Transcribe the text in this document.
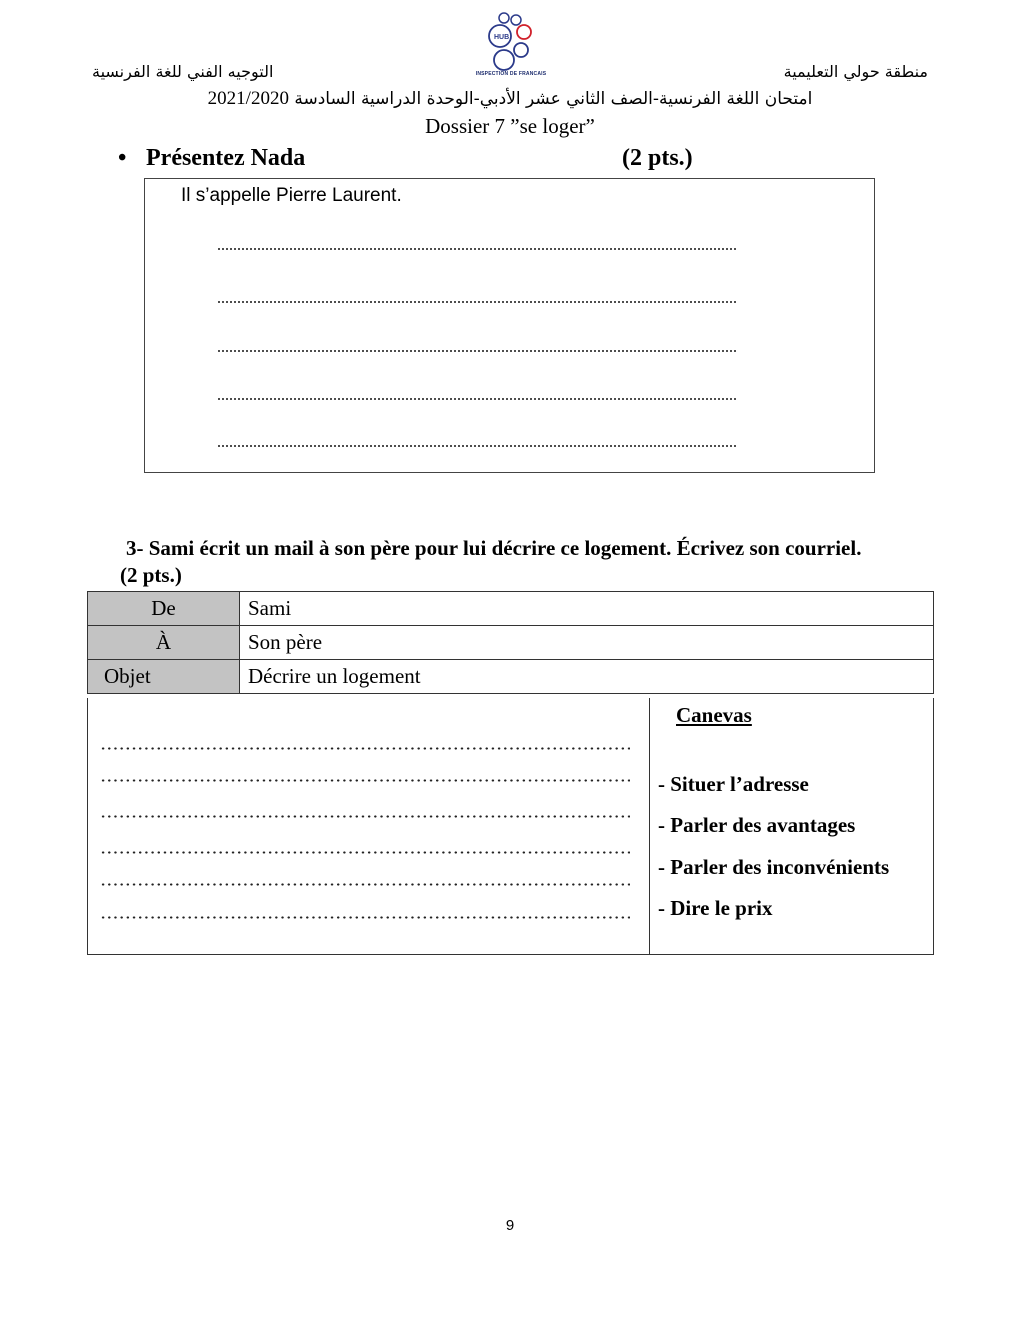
HUB
INSPECTION DE FRANCAIS	منطقة حولي التعليمية
التوجيه الفني للغة الفرنسية
امتحان اللغة الفرنسية-الصف الثاني عشر الأدبي-الوحدة الدراسية السادسة 2021/2020
Dossier 7 ”se loger”
• Présentez Nada	(2 pts.)
Il s’appelle Pierre Laurent.
3- Sami écrit un mail à son père pour lui décrire ce logement. Écrivez son courriel.
(2 pts.)
De	Sami
À	Son père
Objet	Décrire un logement
Canevas
- Situer l’adresse
- Parler des avantages
- Parler des inconvénients
- Dire le prix
9
